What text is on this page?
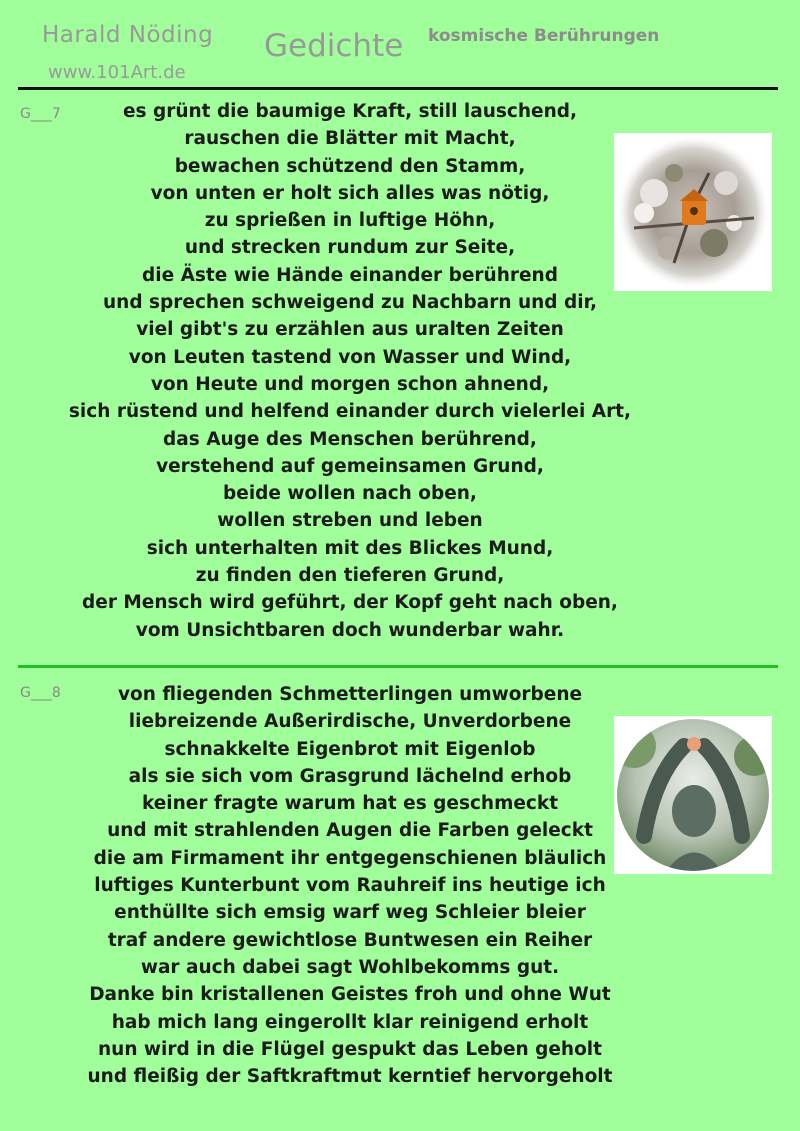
Harald Nöding
www.101Art.de
Gedichte kosmische Berührungen
G___7	es grünt die baumige Kraft, still lauschend,
rauschen die Blätter mit Macht,
bewachen schützend den Stamm,
von unten er holt sich alles was nötig,
zu sprießen in luftige Höhn,
und strecken rundum zur Seite,
die Äste wie Hände einander berührend
und sprechen schweigend zu Nachbarn und dir,
viel gibt's zu erzählen aus uralten Zeiten
von Leuten tastend von Wasser und Wind,
von Heute und morgen schon ahnend,
sich rüstend und helfend einander durch vielerlei Art,
das Auge des Menschen berührend,
verstehend auf gemeinsamen Grund,
beide wollen nach oben,
wollen streben und leben
sich unterhalten mit des Blickes Mund,
zu finden den tieferen Grund,
der Mensch wird geführt, der Kopf geht nach oben,
vom Unsichtbaren doch wunderbar wahr.
G___8	von fliegenden Schmetterlingen umworbene
liebreizende Außerirdische, Unverdorbene
schnakkelte Eigenbrot mit Eigenlob
als sie sich vom Grasgrund lächelnd erhob
keiner fragte warum hat es geschmeckt
und mit strahlenden Augen die Farben geleckt
die am Firmament ihr entgegenschienen bläulich
luftiges Kunterbunt vom Rauhreif ins heutige ich
enthüllte sich emsig warf weg Schleier bleier
traf andere gewichtlose Buntwesen ein Reiher
war auch dabei sagt Wohlbekomms gut.
Danke bin kristallenen Geistes froh und ohne Wut
hab mich lang eingerollt klar reinigend erholt
nun wird in die Flügel gespukt das Leben geholt
und fleißig der Saftkraftmut kerntief hervorgeholt
